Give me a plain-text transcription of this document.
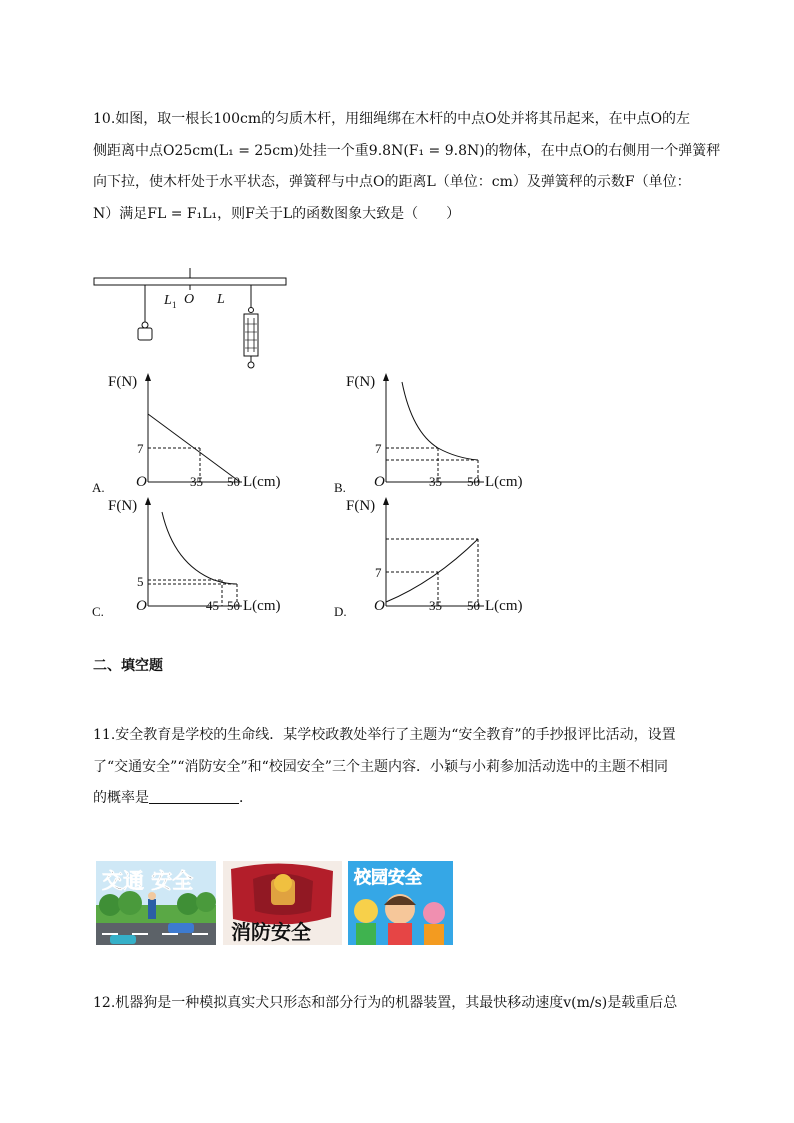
10.如图，取一根长100cm的匀质木杆，用细绳绑在木杆的中点O处并将其吊起来，在中点O的左

侧距离中点O25cm(L₁ = 25cm)处挂一个重9.8N(F₁ = 9.8N)的物体，在中点O的右侧用一个弹簧秤

向下拉，使木杆处于水平状态，弹簧秤与中点O的距离L（单位：cm）及弹簧秤的示数F（单位：

N）满足FL = F₁L₁，则F关于L的函数图象大致是（　　）

L 1 O L
A.
F(N)
O
7
35 50 L(cm)	B.
F(N)
O
7
35 50 L(cm)
C.
F(N)
O
5
45 50 L(cm)	D.
F(N)
O
7
35 50 L(cm)
二、填空题

11.安全教育是学校的生命线．某学校政教处举行了主题为“安全教育”的手抄报评比活动，设置

了“交通安全”“消防安全”和“校园安全”三个主题内容．小颖与小莉参加活动选中的主题不相同

的概率是	．

交通 安全
消防安全
校园安全

12.机器狗是一种模拟真实犬只形态和部分行为的机器装置，其最快移动速度v(m/s)是载重后总
